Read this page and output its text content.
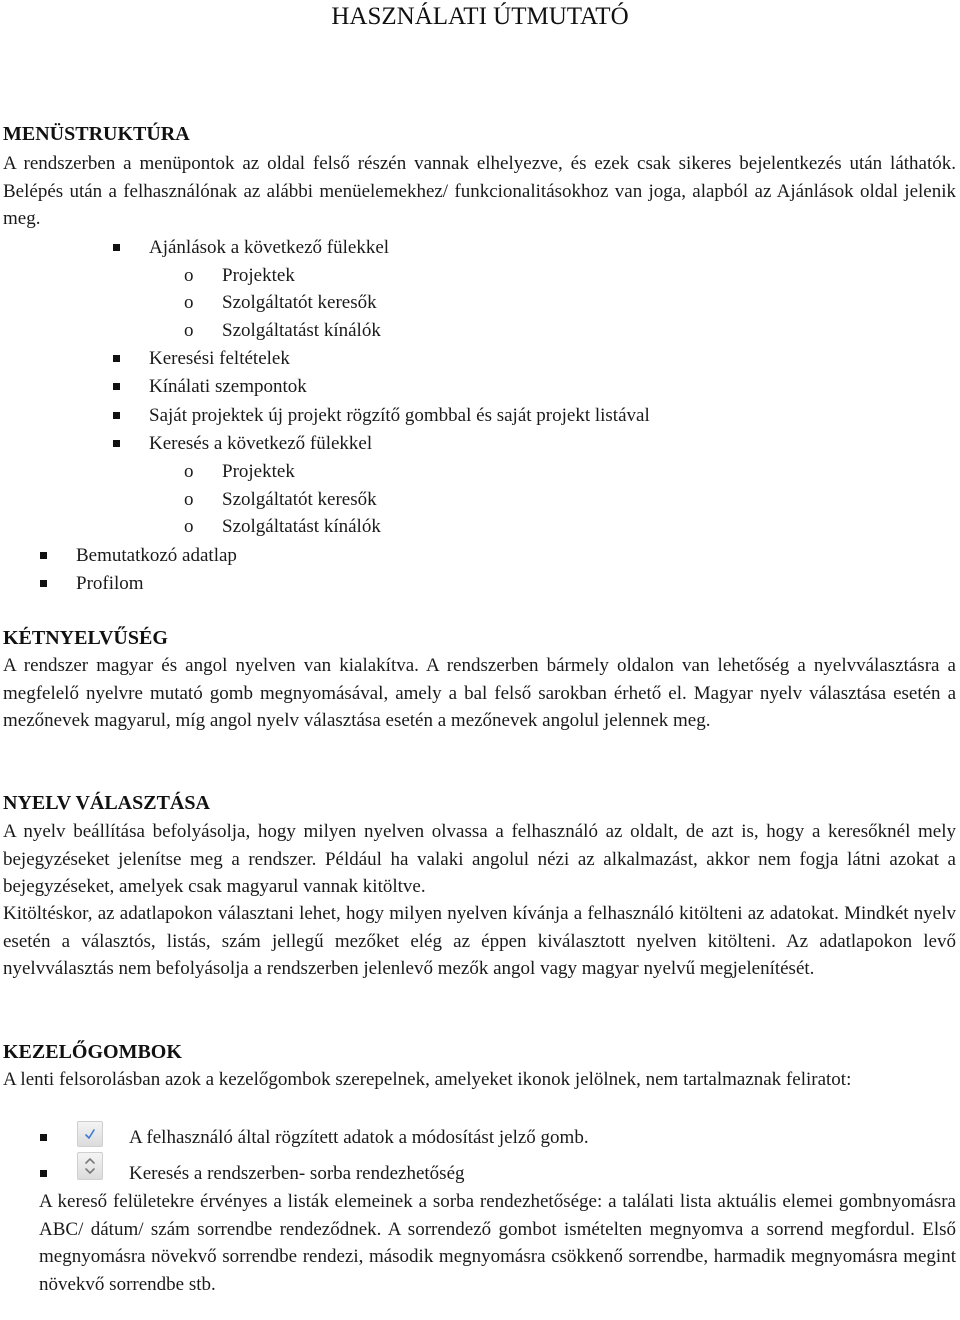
HASZNÁLATI ÚTMUTATÓ
MENÜSTRUKTÚRA

A rendszerben a menüpontok az oldal felső részén vannak elhelyezve, és ezek csak sikeres bejelentkezés után láthatók. Belépés után a felhasználónak az alábbi menüelemekhez/ funkcionalitásokhoz van joga, alapból az Ajánlások oldal jelenik meg.

Ajánlások a következő fülekkel
o Projektek
o Szolgáltatót keresők
o Szolgáltatást kínálók
Keresési feltételek
Kínálati szempontok
Saját projektek új projekt rögzítő gombbal és saját projekt listával
Keresés a következő fülekkel
o Projektek
o Szolgáltatót keresők
o Szolgáltatást kínálók
Bemutatkozó adatlap
Profilom
KÉTNYELVŰSÉG

A rendszer magyar és angol nyelven van kialakítva. A rendszerben bármely oldalon van lehetőség a nyelvválasztásra a megfelelő nyelvre mutató gomb megnyomásával, amely a bal felső sarokban érhető el. Magyar nyelv választása esetén a mezőnevek magyarul, míg angol nyelv választása esetén a mezőnevek angolul jelennek meg.

NYELV VÁLASZTÁSA

A nyelv beállítása befolyásolja, hogy milyen nyelven olvassa a felhasználó az oldalt, de azt is, hogy a keresőknél mely bejegyzéseket jelenítse meg a rendszer. Például ha valaki angolul nézi az alkalmazást, akkor nem fogja látni azokat a bejegyzéseket, amelyek csak magyarul vannak kitöltve.

Kitöltéskor, az adatlapokon választani lehet, hogy milyen nyelven kívánja a felhasználó kitölteni az adatokat. Mindkét nyelv esetén a választós, listás, szám jellegű mezőket elég az éppen kiválasztott nyelven kitölteni. Az adatlapokon levő nyelvválasztás nem befolyásolja a rendszerben jelenlevő mezők angol vagy magyar nyelvű megjelenítését.

KEZELŐGOMBOK

A lenti felsorolásban azok a kezelőgombok szerepelnek, amelyeket ikonok jelölnek, nem tartalmaznak feliratot:

A felhasználó által rögzített adatok a módosítást jelző gomb.
Keresés a rendszerben- sorba rendezhetőség

A kereső felületekre érvényes a listák elemeinek a sorba rendezhetősége: a találati lista aktuális elemei gombnyomásra ABC/ dátum/ szám sorrendbe rendeződnek. A sorrendező gombot ismételten megnyomva a sorrend megfordul. Első megnyomásra növekvő sorrendbe rendezi, második megnyomásra csökkenő sorrendbe, harmadik megnyomásra megint növekvő sorrendbe stb.
